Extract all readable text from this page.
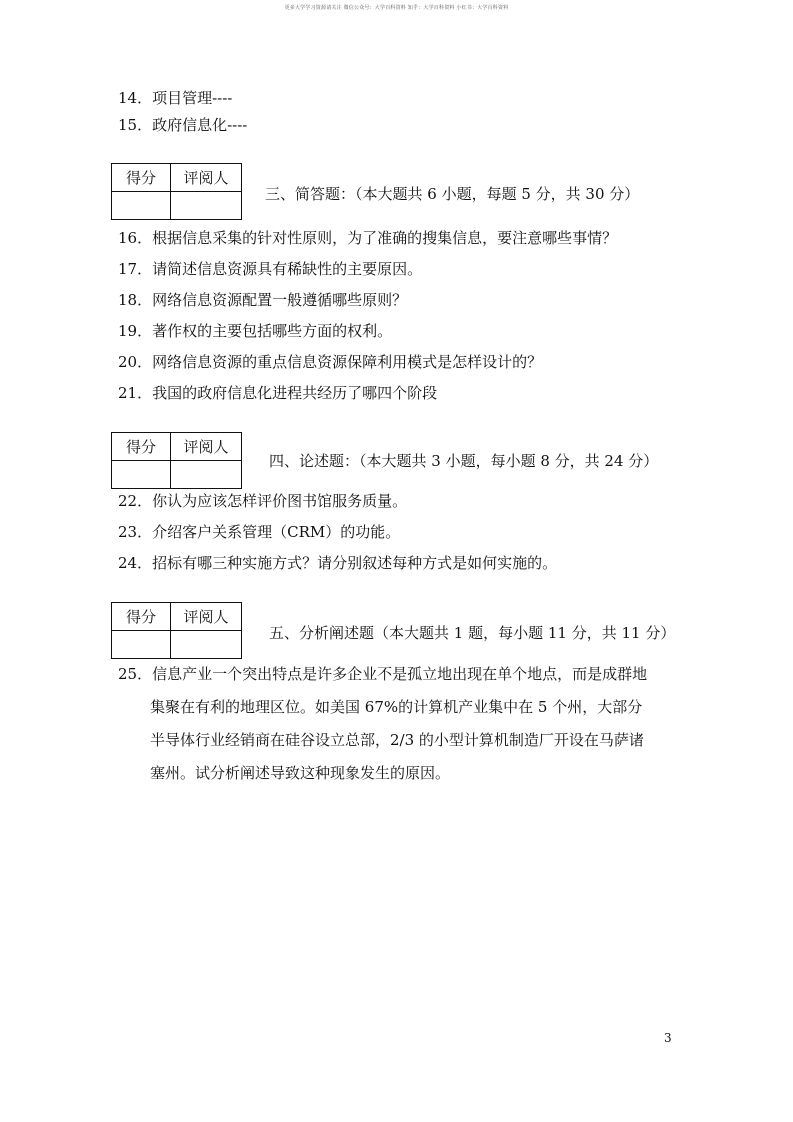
更多大学学习资源请关注 微信公众号：大学百科资料 知乎：大学百科资料 小红书：大学百科资料
14．项目管理----
15．政府信息化----
得分	评阅人

三、简答题：（本大题共 6 小题，每题 5 分，共 30 分）
16．根据信息采集的针对性原则，为了准确的搜集信息，要注意哪些事情？
17．请简述信息资源具有稀缺性的主要原因。
18．网络信息资源配置一般遵循哪些原则？
19．著作权的主要包括哪些方面的权利。
20．网络信息资源的重点信息资源保障利用模式是怎样设计的？
21．我国的政府信息化进程共经历了哪四个阶段
得分	评阅人

四、论述题：（本大题共 3 小题，每小题 8 分，共 24 分）
22．你认为应该怎样评价图书馆服务质量。
23．介绍客户关系管理（CRM）的功能。
24．招标有哪三种实施方式？请分别叙述每种方式是如何实施的。
得分	评阅人

五、分析阐述题（本大题共 1 题，每小题 11 分，共 11 分）
25．信息产业一个突出特点是许多企业不是孤立地出现在单个地点，而是成群地
集聚在有利的地理区位。如美国 67%的计算机产业集中在 5 个州，大部分
半导体行业经销商在硅谷设立总部，2/3 的小型计算机制造厂开设在马萨诸
塞州。试分析阐述导致这种现象发生的原因。
3
